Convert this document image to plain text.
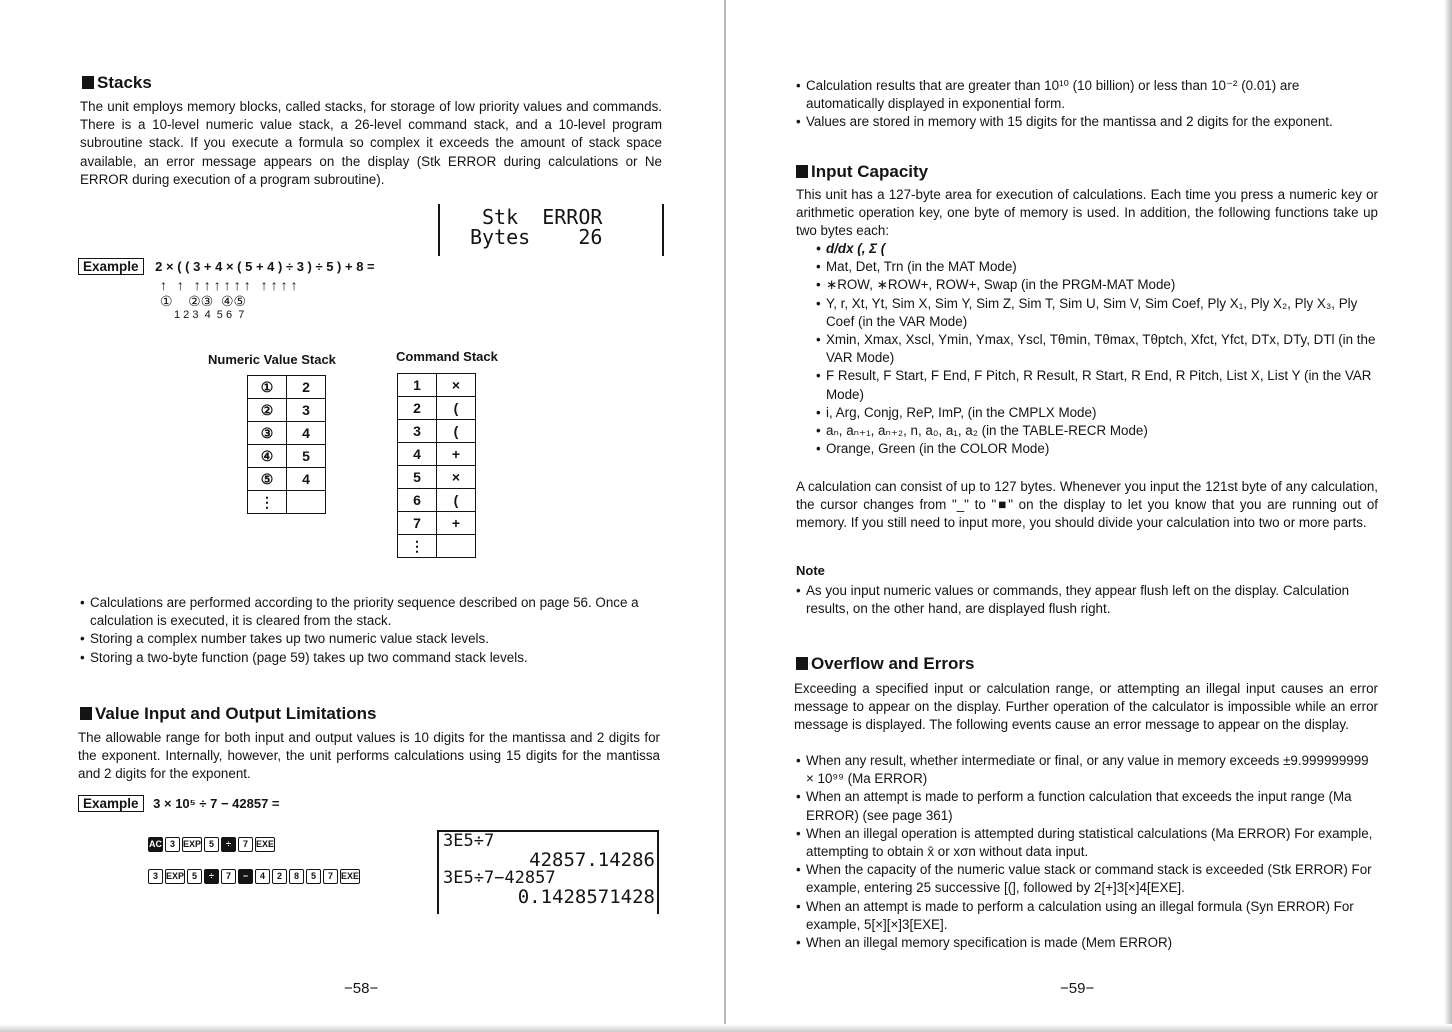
Stacks

The unit employs memory blocks, called stacks, for storage of low priority values and commands. There is a 10-level numeric value stack, a 26-level command stack, and a 10-level program subroutine stack. If you execute a formula so complex it exceeds the amount of stack space available, an error message appears on the display (Stk ERROR during calculations or Ne ERROR during execution of a program subroutine).

Stk  ERROR
Bytes    26
Example 2 × ( ( 3 + 4 × ( 5 + 4 ) ÷ 3 ) ÷ 5 ) + 8 =
↑ ↑ ↑↑↑↑↑↑ ↑↑↑↑
①    ②③  ④⑤
1 2 3  4  5 6  7
Numeric Value Stack	Command Stack
①	2
②	3
③	4
④	5
⑤	4
⋮	
1	×
2	(
3	(
4	+
5	×
6	(
7	+
⋮	
• Calculations are performed according to the priority sequence described on page 56. Once a calculation is executed, it is cleared from the stack.
• Storing a complex number takes up two numeric value stack levels.
• Storing a two-byte function (page 59) takes up two command stack levels.
Value Input and Output Limitations

The allowable range for both input and output values is 10 digits for the mantissa and 2 digits for the exponent. Internally, however, the unit performs calculations using 15 digits for the mantissa and 2 digits for the exponent.

Example 3 × 10⁵ ÷ 7 − 42857 =
AC 3 EXP 5 ÷ 7 EXE
3 EXP 5 ÷ 7 − 4 2 8 5 7 EXE
3E5÷7
42857.14286
3E5÷7−42857
0.1428571428
−58−
• Calculation results that are greater than 10¹⁰ (10 billion) or less than 10⁻² (0.01) are automatically displayed in exponential form.
• Values are stored in memory with 15 digits for the mantissa and 2 digits for the exponent.
Input Capacity

This unit has a 127-byte area for execution of calculations. Each time you press a numeric key or arithmetic operation key, one byte of memory is used. In addition, the following functions take up two bytes each:

• d/dx (, Σ (
• Mat, Det, Trn (in the MAT Mode)
• ∗ROW, ∗ROW+, ROW+, Swap (in the PRGM-MAT Mode)
• Y, r, Xt, Yt, Sim X, Sim Y, Sim Z, Sim T, Sim U, Sim V, Sim Coef, Ply X₁, Ply X₂, Ply X₃, Ply Coef (in the VAR Mode)
• Xmin, Xmax, Xscl, Ymin, Ymax, Yscl, Tθmin, Tθmax, Tθptch, Xfct, Yfct, DTx, DTy, DTl (in the VAR Mode)
• F Result, F Start, F End, F Pitch, R Result, R Start, R End, R Pitch, List X, List Y (in the VAR Mode)
• i, Arg, Conjg, ReP, ImP, (in the CMPLX Mode)
• aₙ, aₙ₊₁, aₙ₊₂, n, a₀, a₁, a₂ (in the TABLE-RECR Mode)
• Orange, Green (in the COLOR Mode)

A calculation can consist of up to 127 bytes. Whenever you input the 121st byte of any calculation, the cursor changes from "_" to "■" on the display to let you know that you are running out of memory. If you still need to input more, you should divide your calculation into two or more parts.

Note
• As you input numeric values or commands, they appear flush left on the display. Calculation results, on the other hand, are displayed flush right.
Overflow and Errors

Exceeding a specified input or calculation range, or attempting an illegal input causes an error message to appear on the display. Further operation of the calculator is impossible while an error message is displayed. The following events cause an error message to appear on the display.

• When any result, whether intermediate or final, or any value in memory exceeds ±9.999999999 × 10⁹⁹ (Ma ERROR)
• When an attempt is made to perform a function calculation that exceeds the input range (Ma ERROR) (see page 361)
• When an illegal operation is attempted during statistical calculations (Ma ERROR) For example, attempting to obtain x̄ or xσn without data input.
• When the capacity of the numeric value stack or command stack is exceeded (Stk ERROR) For example, entering 25 successive [(], followed by 2[+]3[×]4[EXE].
• When an attempt is made to perform a calculation using an illegal formula (Syn ERROR) For example, 5[×][×]3[EXE].
• When an illegal memory specification is made (Mem ERROR)
−59−
